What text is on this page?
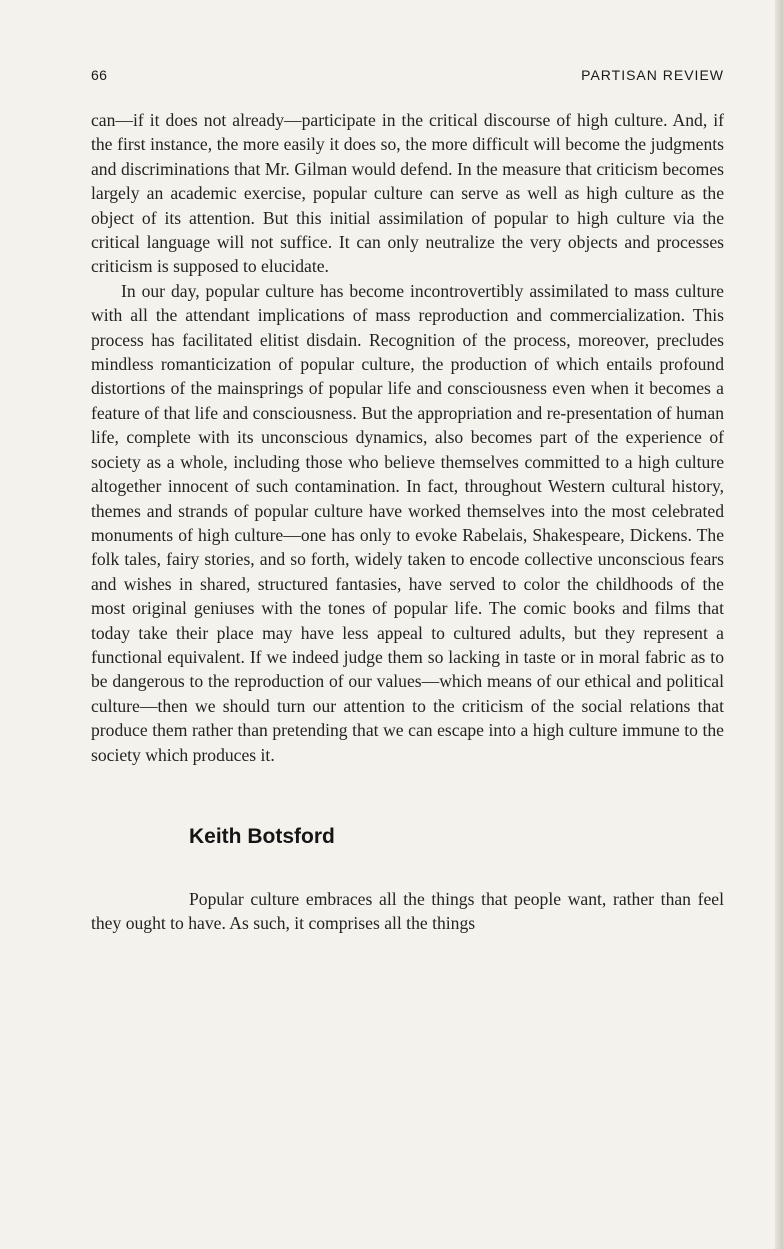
66	PARTISAN REVIEW

can—if it does not already—participate in the critical discourse of high culture. And, if the first instance, the more easily it does so, the more difficult will become the judgments and discriminations that Mr. Gilman would defend. In the measure that criticism becomes largely an academic exercise, popular culture can serve as well as high culture as the object of its attention. But this initial assimilation of popular to high culture via the critical language will not suffice. It can only neutralize the very objects and processes criticism is supposed to elucidate.

In our day, popular culture has become incontrovertibly assimilated to mass culture with all the attendant implications of mass reproduction and commercialization. This process has facilitated elitist disdain. Recognition of the process, moreover, precludes mindless romanticization of popular culture, the production of which entails profound distortions of the mainsprings of popular life and consciousness even when it becomes a feature of that life and consciousness. But the appropriation and re-presentation of human life, complete with its unconscious dynamics, also becomes part of the experience of society as a whole, including those who believe themselves committed to a high culture altogether innocent of such contamination. In fact, throughout Western cultural history, themes and strands of popular culture have worked themselves into the most celebrated monuments of high culture—one has only to evoke Rabelais, Shakespeare, Dickens. The folk tales, fairy stories, and so forth, widely taken to encode collective unconscious fears and wishes in shared, structured fantasies, have served to color the childhoods of the most original geniuses with the tones of popular life. The comic books and films that today take their place may have less appeal to cultured adults, but they represent a functional equivalent. If we indeed judge them so lacking in taste or in moral fabric as to be dangerous to the reproduction of our values—which means of our ethical and political culture—then we should turn our attention to the criticism of the social relations that produce them rather than pretending that we can escape into a high culture immune to the society which produces it.

Keith Botsford

Popular culture embraces all the things that people want, rather than feel they ought to have. As such, it comprises all the things
